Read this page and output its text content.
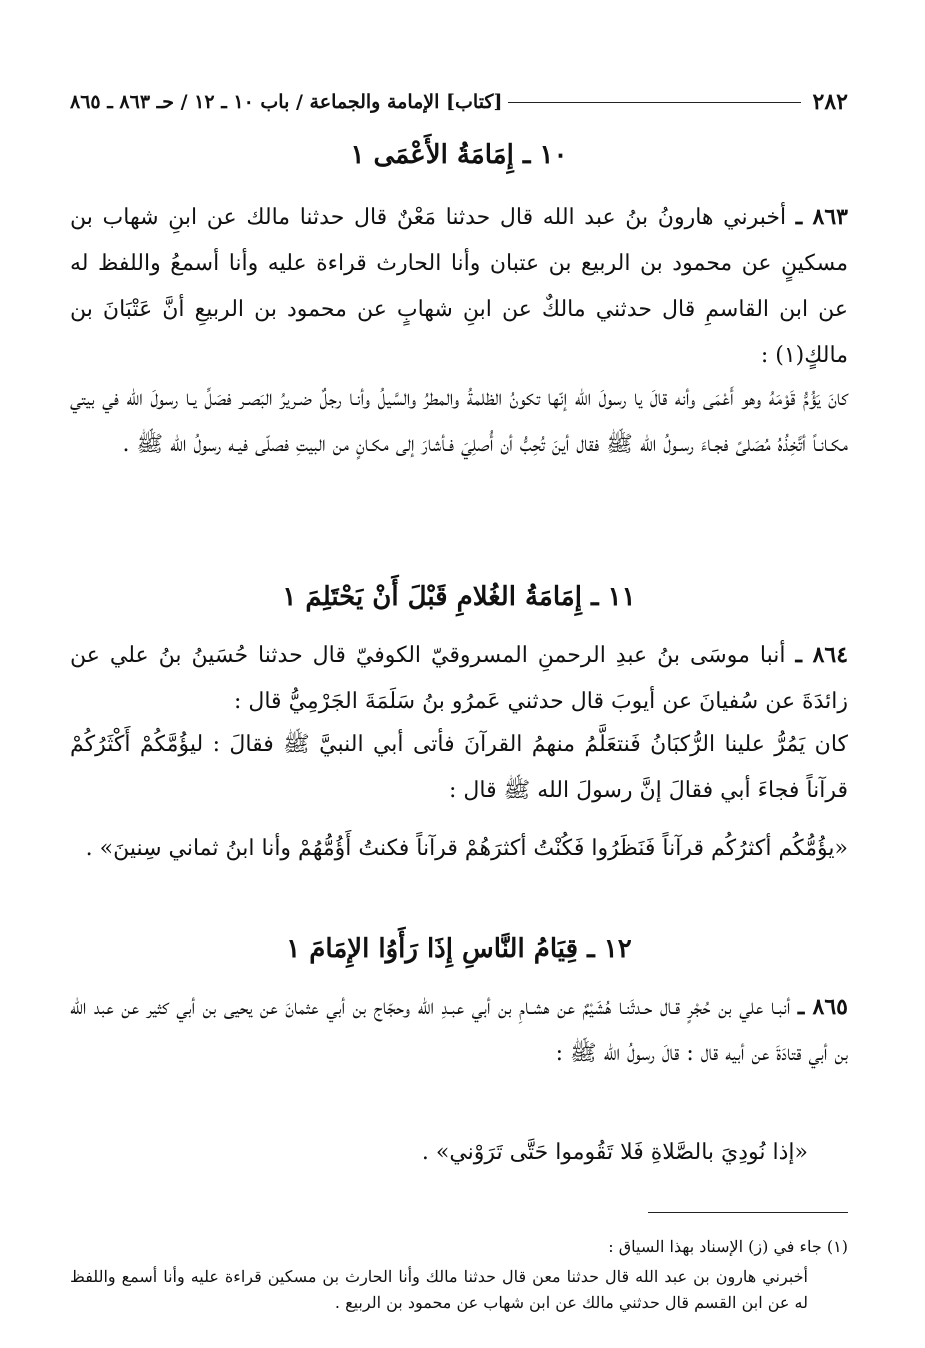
٢٨٢
[كتاب] الإمامة والجماعة / باب ١٠ ـ ١٢ / حـ ٨٦٣ ـ ٨٦٥
١٠ ـ إِمَامَةُ الأَعْمَى ١

٨٦٣ ـ أخبرني هارونُ بنُ عبد الله قال حدثنا مَعْنٌ قال حدثنا مالك عن ابنِ شهاب بن مسكينٍ عن محمود بن الربيع بن عتبان وأنا الحارث قراءة عليه وأنا أسمعُ واللفظ له عن ابن القاسمِ قال حدثني مالكٌ عن ابنِ شهابٍ عن محمود بن الربيعِ أنَّ عَتْبَانَ بن مالكٍ(١) :

كانَ يَؤُمُّ قَوْمَهُ وهو أَعْمَى وأنه قالَ يا رسولَ الله إنّها تكونُ الظلمةُ والمطرُ والسَّيلُ وأنـا رجلٌ ضـريرُ البَصـر فصَلِّ يـا رسولَ الله في بيتي مكـانـاً أتَّخِذُهُ مُصَلىً فجـاءَ رسـولُ الله ﷺ فقال أينَ تُحِبُّ أن أُصلِيَ فـأشارَ إلى مكـانٍ من البيتِ فصلّى فيـه رسولُ الله ﷺ .

١١ ـ إِمَامَةُ الغُلامِ قَبْلَ أَنْ يَحْتَلِمَ ١

٨٦٤ ـ أنبا موسَى بنُ عبدِ الرحمنِ المسروقيّ الكوفيّ قال حدثنا حُسَينُ بنُ علي عن زائدَةَ عن سُفيانَ عن أيوبَ قال حدثني عَمرُو بنُ سَلَمَةَ الجَرْمِيُّ قال :

كان يَمُرُّ علينا الرُّكبَانُ فَنتعَلَّمُ منهمُ القرآنَ فأتى أبي النبيَّ ﷺ فقالَ : ليؤُمَّكُمْ أَكْثَرُكُمْ قرآناً فجاءَ أبي فقالَ إنَّ رسولَ الله ﷺ قال :

«يؤُمُّكُم أكثرُكُم قرآناً فَنَظَرُوا فَكُنْتُ أكثرَهُمْ قرآناً فكنتُ أَؤُمُّهُمْ وأنا ابنُ ثماني سِنينَ» .

١٢ ـ قِيَامُ النَّاسِ إِذَا رَأَوُا الإِمَامَ ١

٨٦٥ ـ أنبـا علي بن حُجْرٍ قـال حـدثَنـا هُشَيْمٌ عن هشـامِ بن أبي عبـدِ الله وحجّاج بن أبي عثمانَ عن يحيى بن أبي كثير عن عبد الله بن أبي قتادَةَ عن أبيه قال : قالَ رسولُ الله ﷺ :

«إذا نُودِيَ بالصَّلاةِ فَلا تَقُوموا حَتَّى تَرَوْني» .

(١) جاء في (ز) الإسناد بهذا السياق :

أخبرني هارون بن عبد الله قال حدثنا معن قال حدثنا مالك وأنا الحارث بن مسكين قراءة عليه وأنا أسمع واللفظ له عن ابن القسم قال حدثني مالك عن ابن شهاب عن محمود بن الربيع .
